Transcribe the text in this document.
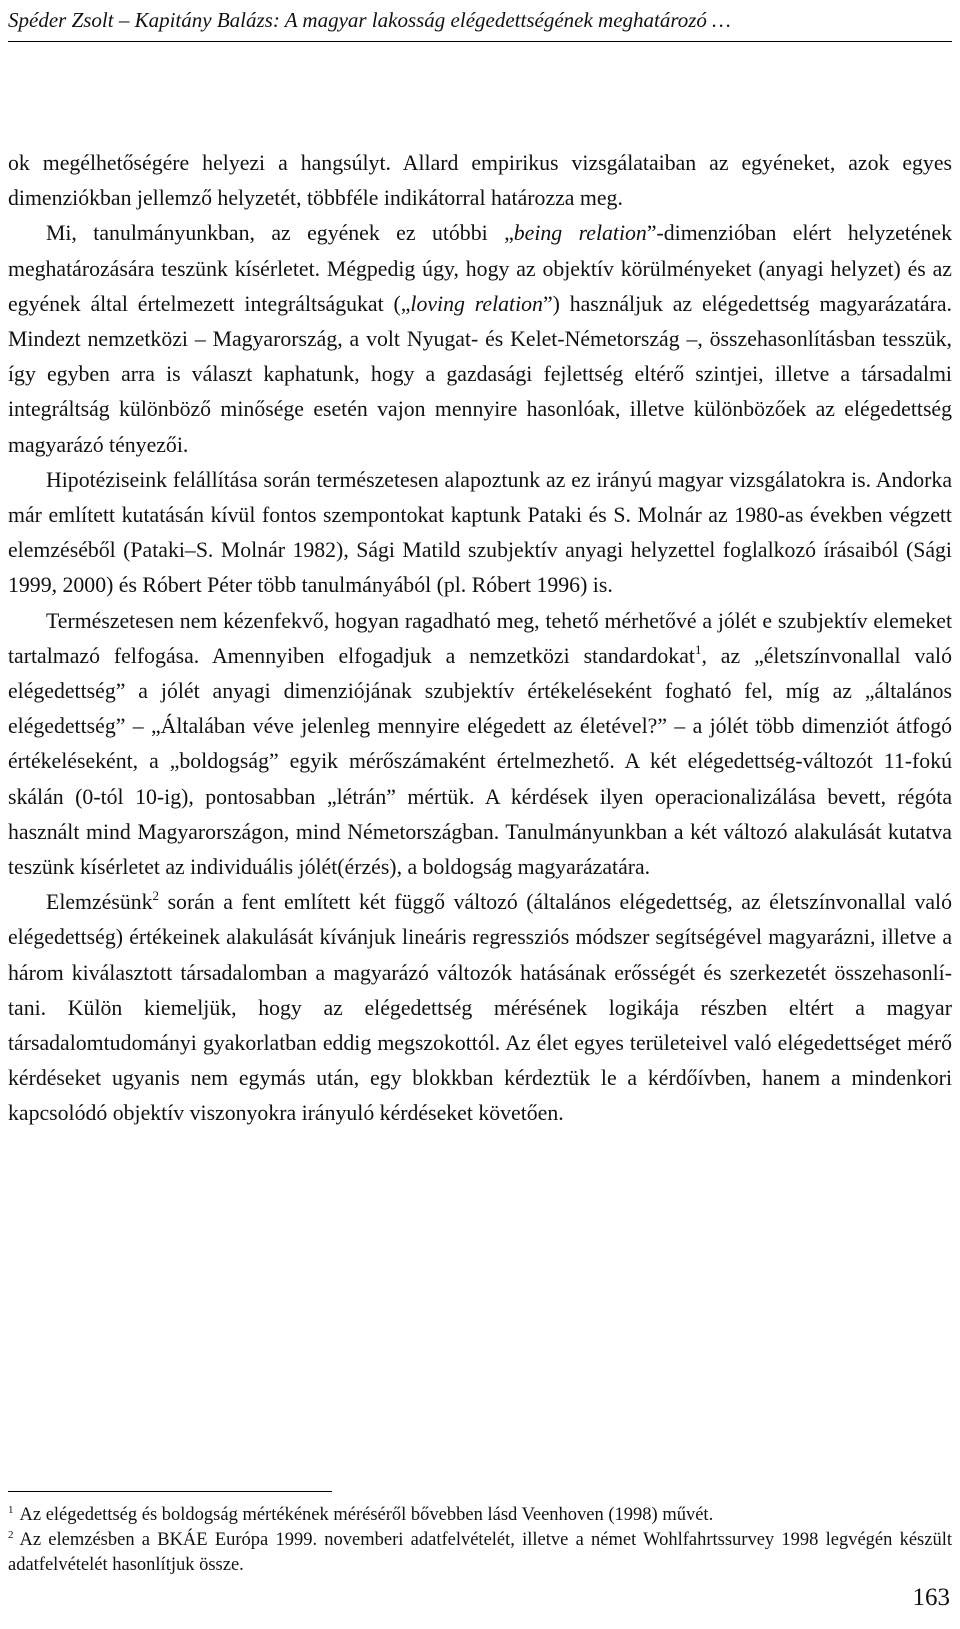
Spéder Zsolt – Kapitány Balázs: A magyar lakosság elégedettségének meghatározó …

ok megélhetőségére helyezi a hangsúlyt. Allard empirikus vizsgálataiban az egyéneket, azok egyes dimenziókban jellemző helyzetét, többféle indikátorral határozza meg.

Mi, tanulmányunkban, az egyének ez utóbbi „being relation”-dimenzióban elért helyzetének meghatározására teszünk kísérletet. Mégpedig úgy, hogy az objektív körülményeket (anyagi helyzet) és az egyének által értelmezett integráltságukat („loving relation”) használjuk az elégedettség magyarázatára. Mindezt nemzetközi – Magyarország, a volt Nyugat- és Kelet-Németország –, összehasonlításban tesszük, így egyben arra is választ kaphatunk, hogy a gazdasági fejlettség eltérő szintjei, illetve a társadalmi integráltság különböző minősége esetén vajon mennyire hasonlóak, illetve különbözőek az elégedettség magyarázó tényezői.

Hipotéziseink felállítása során természetesen alapoztunk az ez irányú magyar vizsgálatokra is. Andorka már említett kutatásán kívül fontos szempontokat kaptunk Pataki és S. Molnár az 1980-as években végzett elemzéséből (Pataki–S. Molnár 1982), Sági Matild szubjektív anyagi helyzettel foglalkozó írásaiból (Sági 1999, 2000) és Róbert Péter több tanulmányából (pl. Róbert 1996) is.

Természetesen nem kézenfekvő, hogyan ragadható meg, tehető mérhetővé a jólét e szubjektív elemeket tartalmazó felfogása. Amennyiben elfogadjuk a nemzetközi standardokat$^1$, az „életszínvonallal való elégedettség” a jólét anyagi dimenziójának szubjektív értékeléseként fogható fel, míg az „általános elégedettség” – „Általában véve jelenleg mennyire elégedett az életével?” – a jólét több dimenziót átfogó értékeléseként, a „boldogság” egyik mérőszámaként értelmezhető. A két elégedettség-változót 11-fokú skálán (0-tól 10-ig), pontosabban „létrán” mértük. A kérdések ilyen operacionalizálása bevett, régóta használt mind Magyarországon, mind Németországban. Tanulmányunkban a két változó alakulását kutatva teszünk kísérletet az individuális jólét(érzés), a boldogság magyarázatára.

Elemzésünk$^2$ során a fent említett két függő változó (általános elégedettség, az életszínvonallal való elégedettség) értékeinek alakulását kívánjuk lineáris regressziós módszer segítségével magyarázni, illetve a három kiválasztott társadalomban a magyarázó változók hatásának erősségét és szerkezetét összehasonlítani. Külön kiemeljük, hogy az elégedettség mérésének logikája részben eltért a magyar társadalomtudományi gyakorlatban eddig megszokottól. Az élet egyes területeivel való elégedettséget mérő kérdéseket ugyanis nem egymás után, egy blokkban kérdeztük le a kérdőívben, hanem a mindenkori kapcsolódó objektív viszonyokra irányuló kérdéseket követően.

$^1$ Az elégedettség és boldogság mértékének méréséről bővebben lásd Veenhoven (1998) művét.

$^2$ Az elemzésben a BKÁE Európa 1999. novemberi adatfelvételét, illetve a német Wohlfahrtssurvey 1998 legvégén készült adatfelvételét hasonlítjuk össze.

163
